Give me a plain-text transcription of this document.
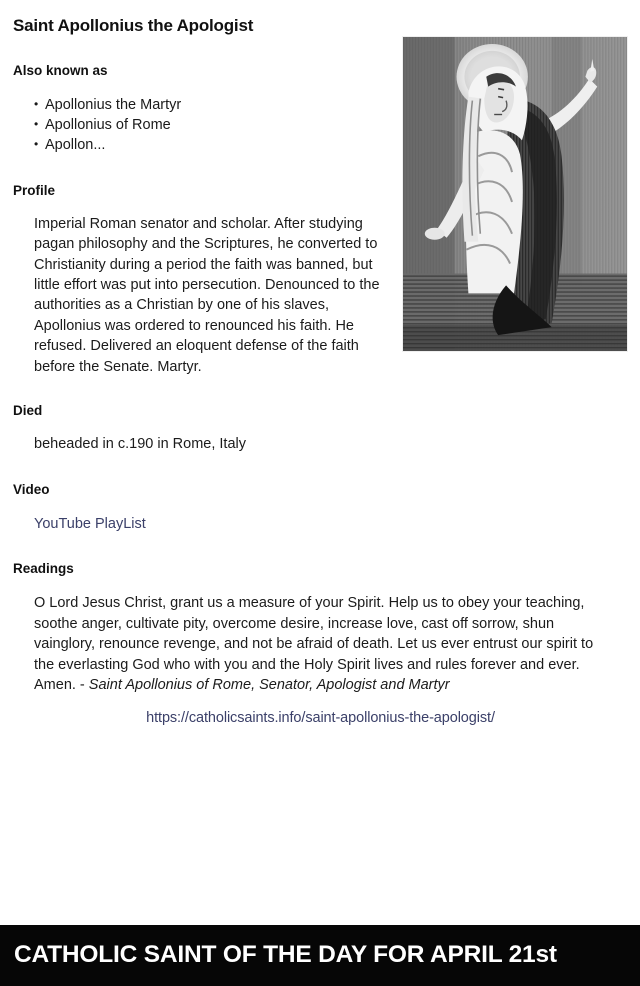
Saint Apollonius the Apologist
Also known as
• Apollonius the Martyr
• Apollonius of Rome
• Apollon...
Profile

Imperial Roman senator and scholar. After studying pagan philosophy and the Scriptures, he converted to Christianity during a period the faith was banned, but little effort was put into persecution. Denounced to the authorities as a Christian by one of his slaves, Apollonius was ordered to renounced his faith. He refused. Delivered an eloquent defense of the faith before the Senate. Martyr.

Died

beheaded in c.190 in Rome, Italy

Video
YouTube PlayList
Readings

O Lord Jesus Christ, grant us a measure of your Spirit. Help us to obey your teaching, soothe anger, cultivate pity, overcome desire, increase love, cast off sorrow, shun vainglory, renounce revenge, and not be afraid of death. Let us ever entrust our spirit to the everlasting God who with you and the Holy Spirit lives and rules forever and ever. Amen. - Saint Apollonius of Rome, Senator, Apologist and Martyr

https://catholicsaints.info/saint-apollonius-the-apologist/
CATHOLIC SAINT OF THE DAY FOR APRIL 21st
